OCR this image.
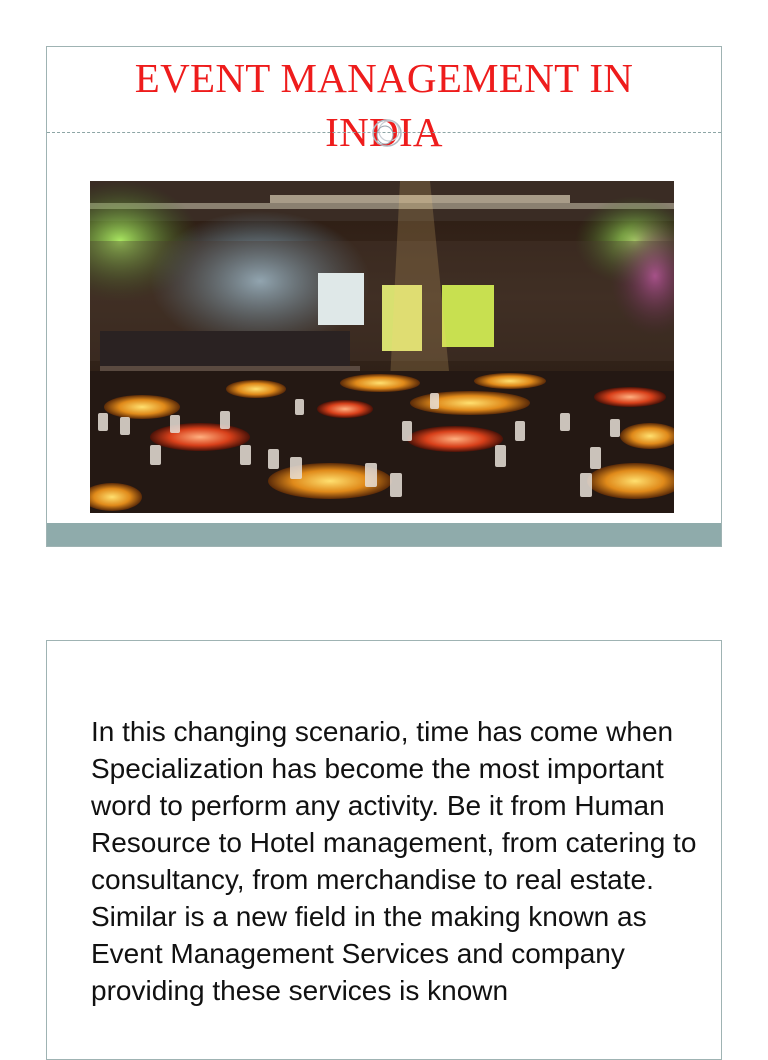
EVENT MANAGEMENT IN
INDIA

In this changing scenario, time has come when Specialization has become the most important word to perform any activity. Be it from Human Resource to Hotel management, from catering to consultancy, from merchandise to real estate.

Similar is a new field in the making known as Event Management Services and company providing these services is known
